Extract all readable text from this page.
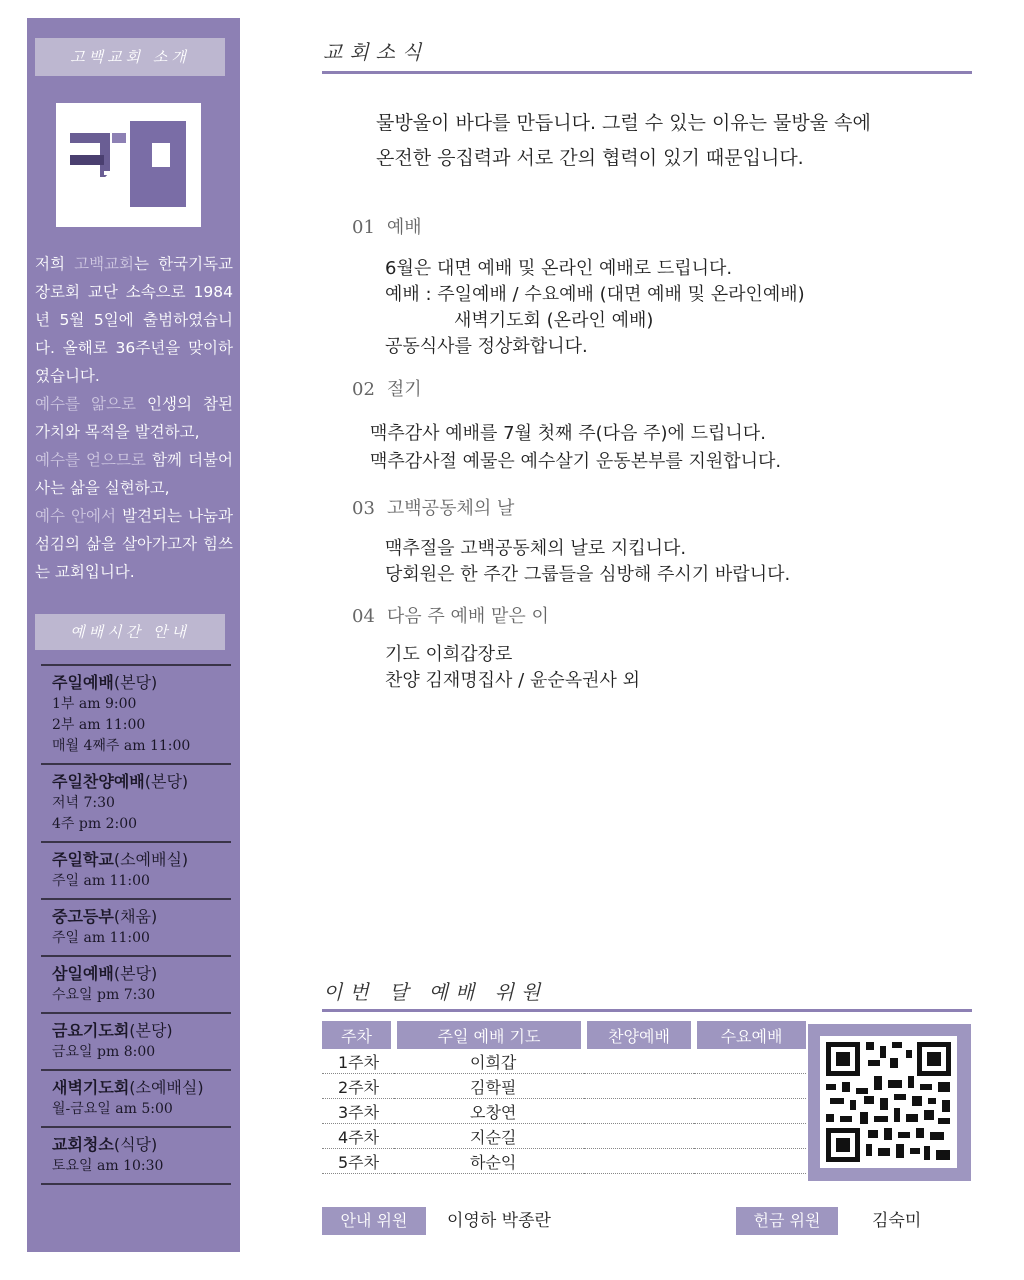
고백교회 소개
저희 고백교회는 한국기독교 장로회 교단 소속으로 1984년 5월 5일에 출범하였습니다. 올해로 36주년을 맞이하였습니다.
예수를 앎으로 인생의 참된 가치와 목적을 발견하고,
예수를 얻으므로 함께 더불어 사는 삶을 실현하고,
예수 안에서 발견되는 나눔과 섬김의 삶을 살아가고자 힘쓰는 교회입니다.
예배시간 안내
주일예배(본당)
1부 am 9:00
2부 am 11:00
매월 4째주 am 11:00
주일찬양예배(본당)
저녁 7:30
4주 pm 2:00
주일학교(소예배실)
주일 am 11:00
중고등부(채움)
주일 am 11:00
삼일예배(본당)
수요일 pm 7:30
금요기도회(본당)
금요일 pm 8:00
새벽기도회(소예배실)
월-금요일 am 5:00
교회청소(식당)
토요일 am 10:30
교회소식
물방울이 바다를 만듭니다. 그럴 수 있는 이유는 물방울 속에
온전한 응집력과 서로 간의 협력이 있기 때문입니다.
01 예배
6월은 대면 예배 및 온라인 예배로 드립니다.
예배 : 주일예배 / 수요예배 (대면 예배 및 온라인예배)
새벽기도회 (온라인 예배)
공동식사를 정상화합니다.
02 절기
맥추감사 예배를 7월 첫째 주(다음 주)에 드립니다.
맥추감사절 예물은 예수살기 운동본부를 지원합니다.
03 고백공동체의 날
맥추절을 고백공동체의 날로 지킵니다.
당회원은 한 주간 그룹들을 심방해 주시기 바랍니다.
04 다음 주 예배 맡은 이
기도 이희갑장로
찬양 김재명집사 / 윤순옥권사 외
이번 달 예배 위원
주차	주일 예배 기도	찬양예배	수요예배
1주차	이희갑		
2주차	김학필		
3주차	오창연		
4주차	지순길		
5주차	하순익		
안내 위원	이영하 박종란	헌금 위원	김숙미
